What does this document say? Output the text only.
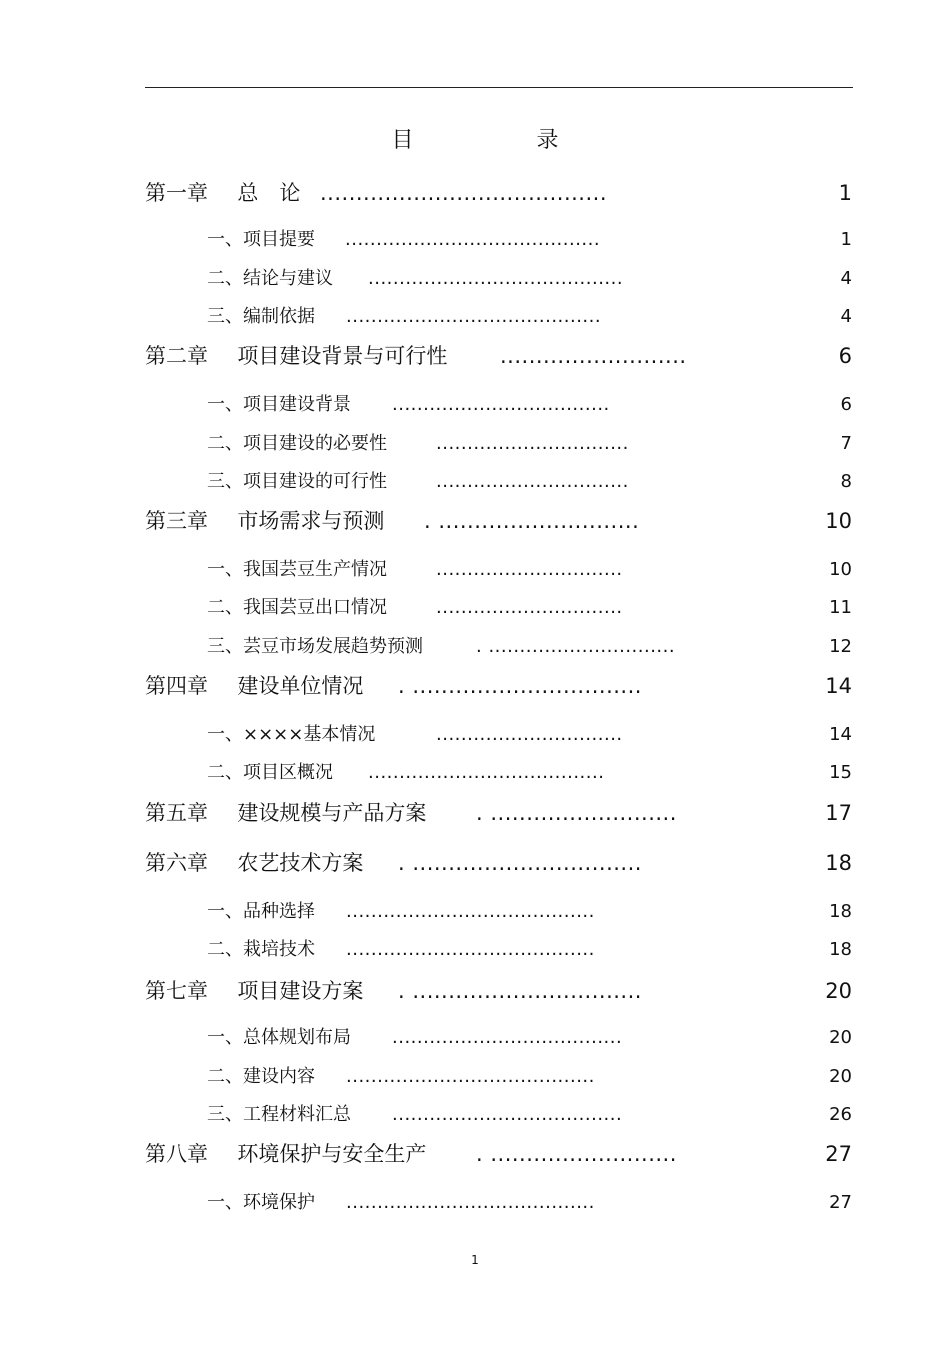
目 录
第一章 总　论 ........................................	1
一、项目提要 .........................................	1
二、结论与建议 .........................................	4
三、编制依据 .........................................	4
第二章 项目建设背景与可行性	..........................	6
一、项目建设背景 ...................................	6
二、项目建设的必要性	...............................	7
三、项目建设的可行性	...............................	8
第三章 市场需求与预测 . ............................	10
一、我国芸豆生产情况	..............................	10
二、我国芸豆出口情况	..............................	11
三、芸豆市场发展趋势预测	. ..............................	12
第四章 建设单位情况 . ................................	14
一、××××基本情况	..............................	14
二、项目区概况 ......................................	15
第五章 建设规模与产品方案 . ..........................	17
第六章 农艺技术方案 . ................................	18
一、品种选择 ........................................	18
二、栽培技术 ........................................	18
第七章 项目建设方案 . ................................	20
一、总体规划布局 .....................................	20
二、建设内容 ........................................	20
三、工程材料汇总 .....................................	26
第八章 环境保护与安全生产 . ..........................	27
一、环境保护 ........................................	27
1
